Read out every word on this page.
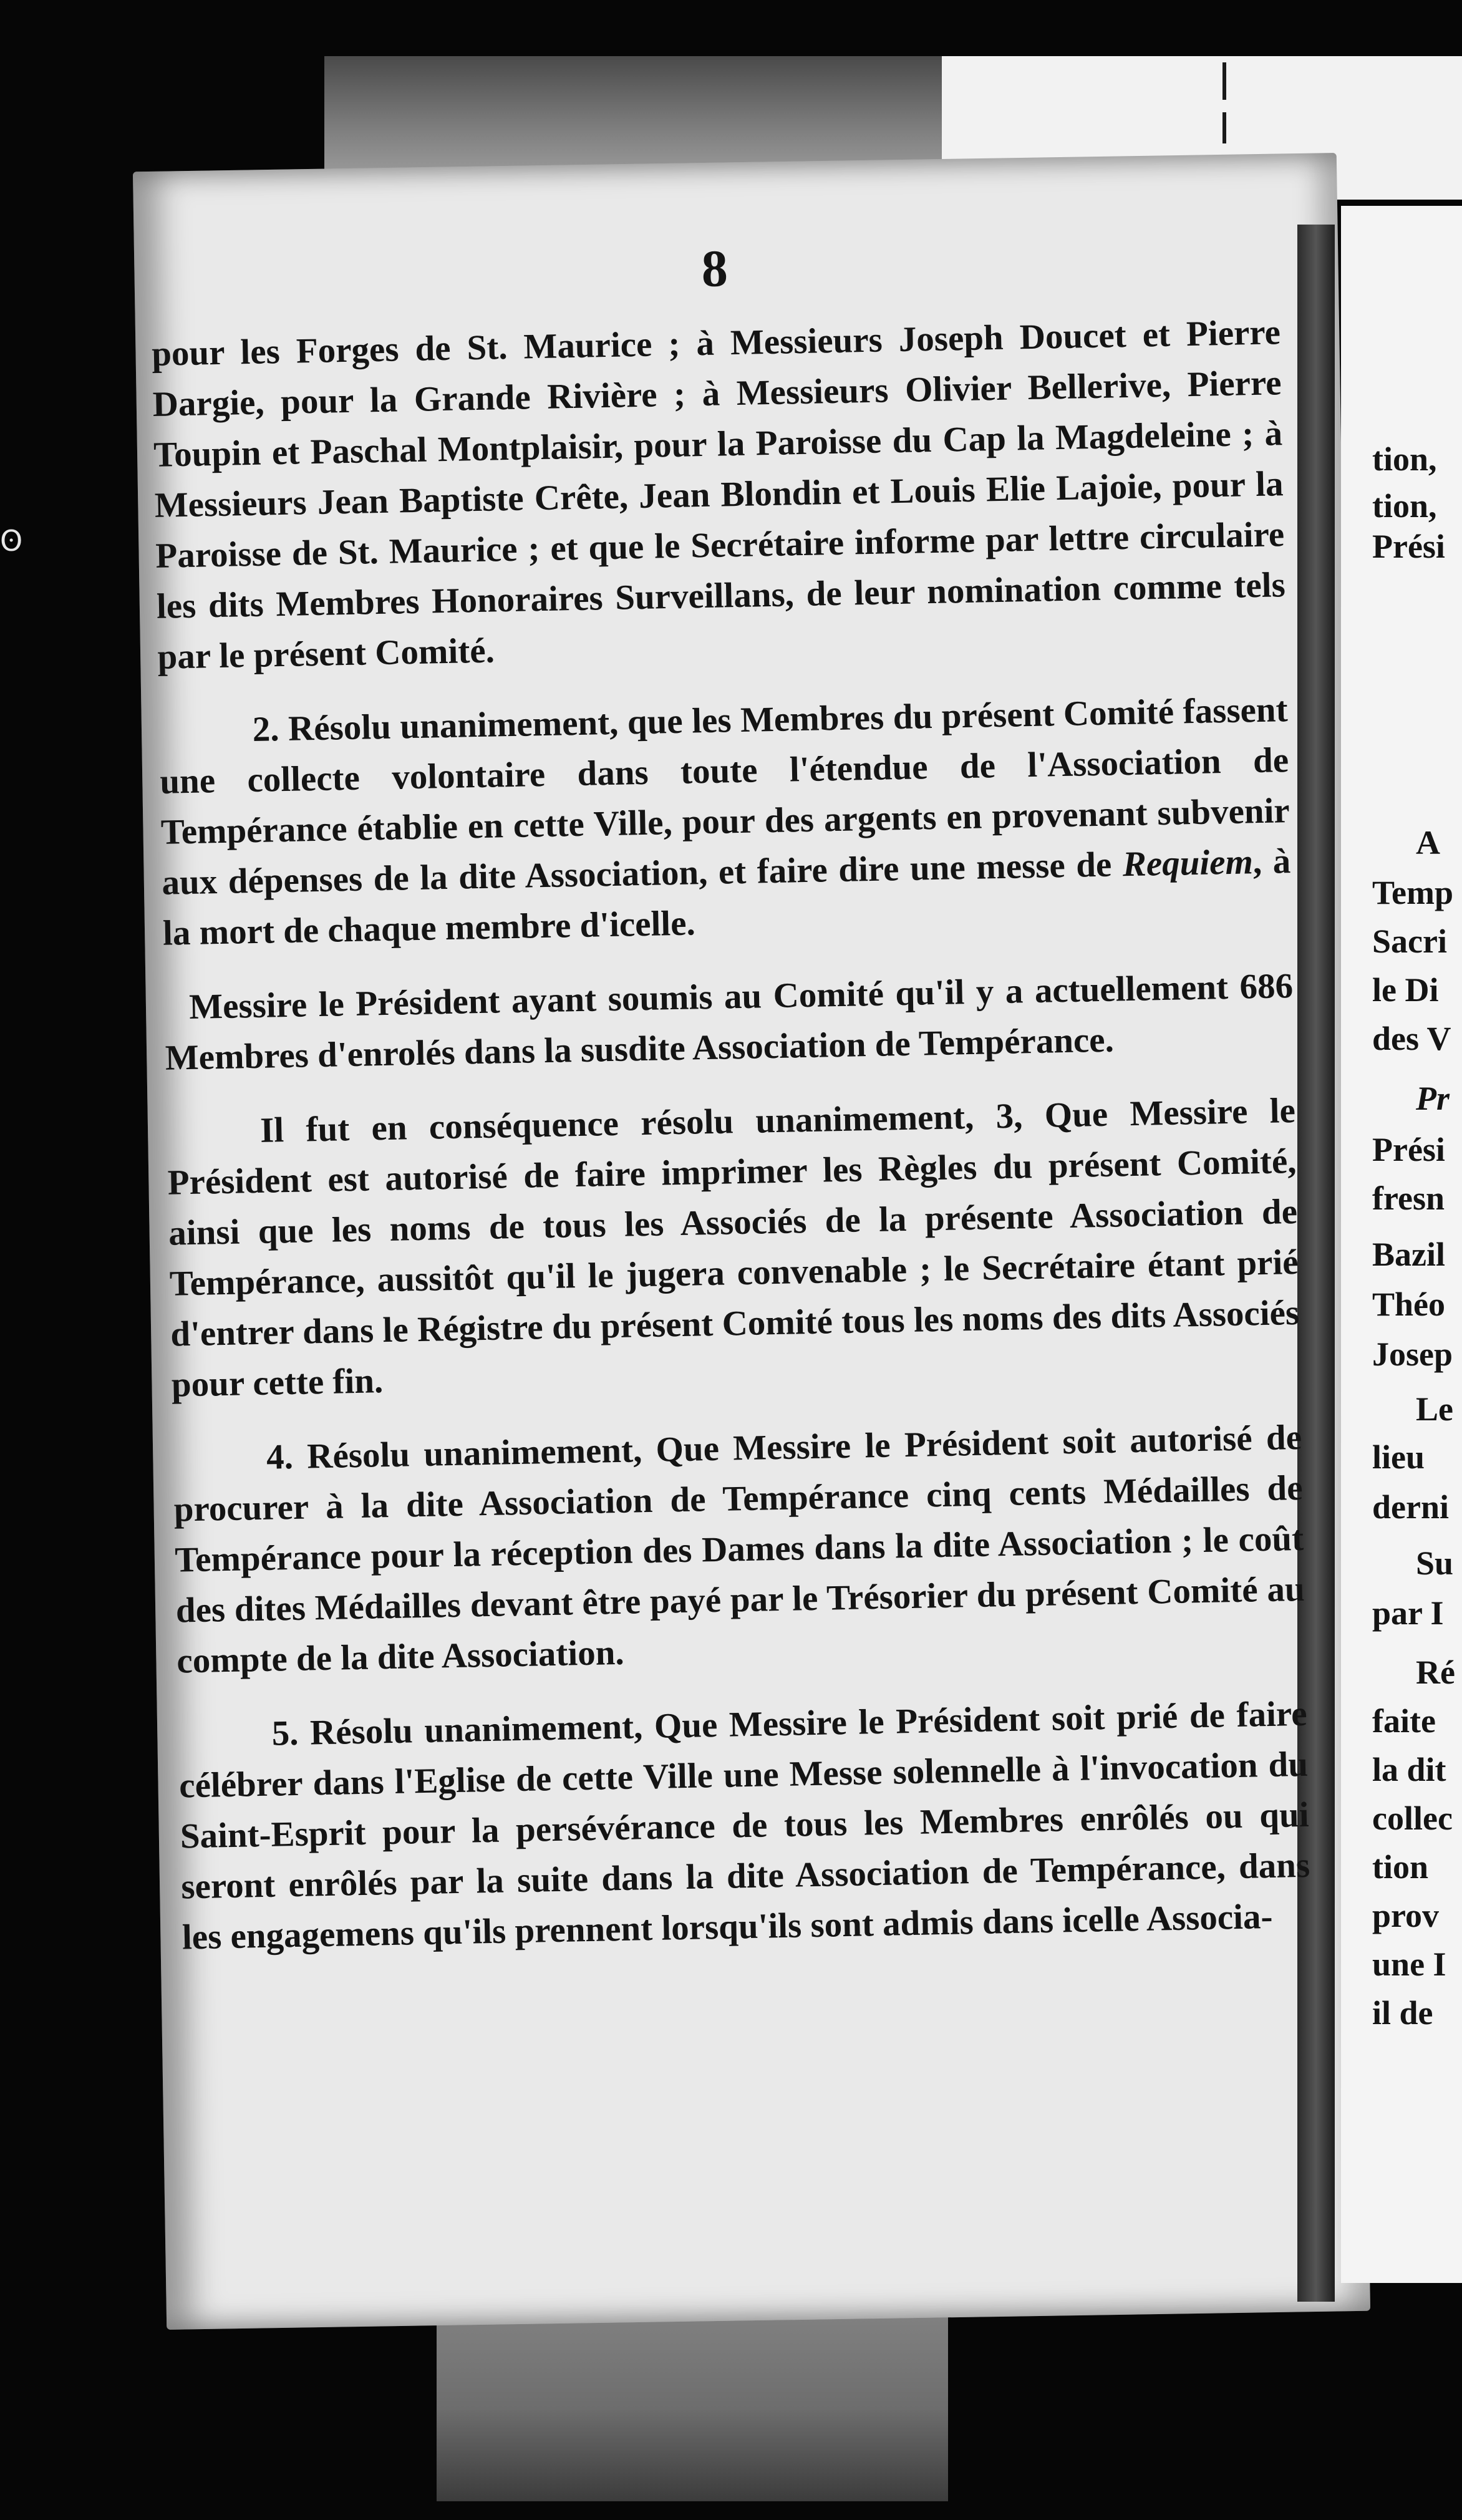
ʘ
8

pour les Forges de St. Maurice ; à Messieurs Joseph Doucet et Pierre Dargie, pour la Grande Rivière ; à Messieurs Olivier Bellerive, Pierre Toupin et Paschal Montplaisir, pour la Paroisse du Cap la Magdeleine ; à Messieurs Jean Baptiste Crête, Jean Blondin et Louis Elie Lajoie, pour la Paroisse de St. Maurice ; et que le Secrétaire informe par lettre circulaire les dits Membres Honoraires Surveillans, de leur nomination comme tels par le présent Comité.

2. Résolu unanimement, que les Membres du présent Comité fassent une collecte volontaire dans toute l'étendue de l'Association de Tempérance établie en cette Ville, pour des argents en provenant subvenir aux dépenses de la dite Association, et faire dire une messe de Requiem, à la mort de chaque membre d'icelle.

Messire le Président ayant soumis au Comité qu'il y a actuellement 686 Membres d'enrolés dans la susdite Association de Tempérance.

Il fut en conséquence résolu unanimement, 3, Que Messire le Président est autorisé de faire imprimer les Règles du présent Comité, ainsi que les noms de tous les Associés de la présente Association de Tempérance, aussitôt qu'il le jugera convenable ; le Secrétaire étant prié d'entrer dans le Régistre du présent Comité tous les noms des dits Associés pour cette fin.

4. Résolu unanimement, Que Messire le Président soit autorisé de procurer à la dite Association de Tempérance cinq cents Médailles de Tempérance pour la réception des Dames dans la dite Association ; le coût des dites Médailles devant être payé par le Trésorier du présent Comité au compte de la dite Association.

5. Résolu unanimement, Que Messire le Président soit prié de faire célébrer dans l'Eglise de cette Ville une Messe solennelle à l'invocation du Saint-Esprit pour la persévérance de tous les Membres enrôlés ou qui seront enrôlés par la suite dans la dite Association de Tempérance, dans les engagemens qu'ils prennent lorsqu'ils sont admis dans icelle Associa-

tion,
tion,
Prési
A
Temp
Sacri
le Di
des V
Pr
Prési
fresn
Bazil
Théo
Josep
Le
lieu
derni
Su
par I
Ré
faite
la dit
collec
tion
prov
une I
il de
